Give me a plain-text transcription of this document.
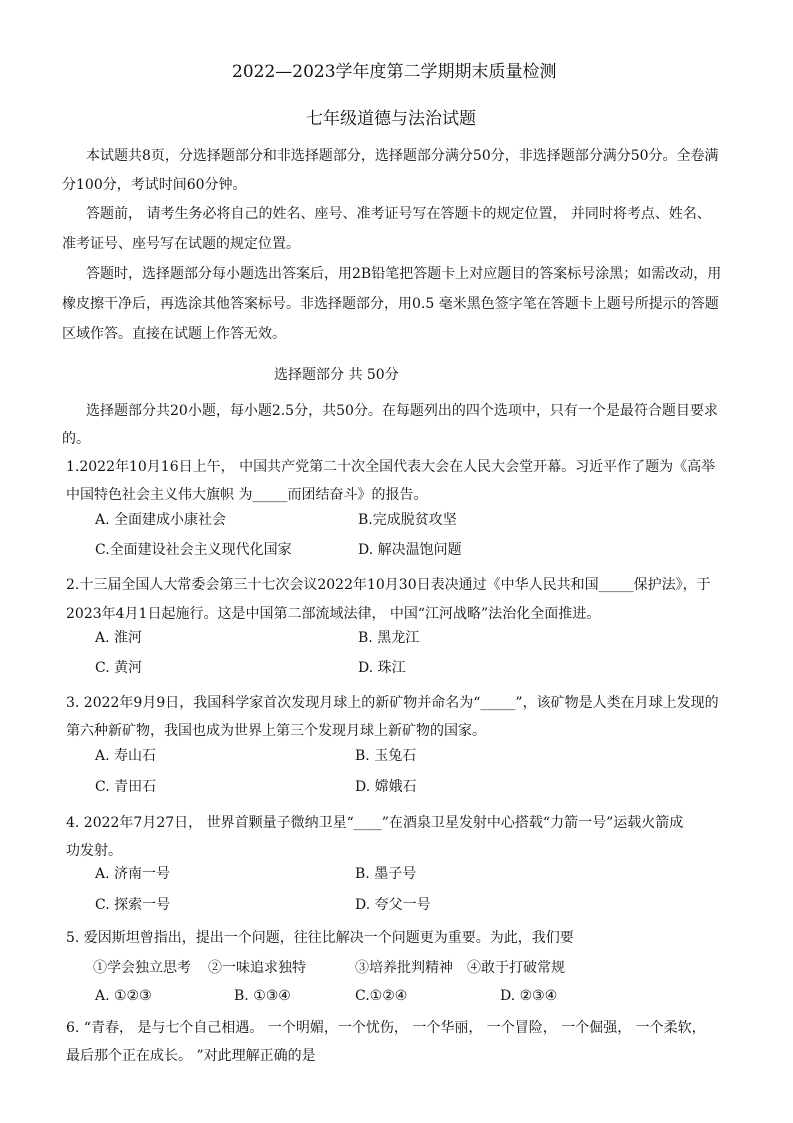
2022—2023学年度第二学期期末质量检测
七年级道德与法治试题
本试题共8页，分选择题部分和非选择题部分，选择题部分满分50分，非选择题部分满分50分。全卷满
分100分，考试时间60分钟。
答题前， 请考生务必将自己的姓名、座号、准考证号写在答题卡的规定位置， 并同时将考点、姓名、
准考证号、座号写在试题的规定位置。
答题时，选择题部分每小题选出答案后，用2B铅笔把答题卡上对应题目的答案标号涂黑；如需改动，用
橡皮擦干净后，再选涂其他答案标号。非选择题部分，用0.5 毫米黑色签字笔在答题卡上题号所提示的答题
区域作答。直接在试题上作答无效。
选择题部分 共 50分
选择题部分共20小题，每小题2.5分，共50分。在每题列出的四个选项中，只有一个是最符合题目要求
的。
1.2022年10月16日上午， 中国共产党第二十次全国代表大会在人民大会堂开幕。习近平作了题为《高举
中国特色社会主义伟大旗帜 为_____而团结奋斗》的报告。
A. 全面建成小康社会	B.完成脱贫攻坚
C.全面建设社会主义现代化国家	D. 解决温饱问题
2.十三届全国人大常委会第三十七次会议2022年10月30日表决通过《中华人民共和国_____保护法》，于
2023年4月1日起施行。这是中国第二部流域法律， 中国“江河战略”法治化全面推进。
A. 淮河	B. 黑龙江
C. 黄河	D. 珠江
3. 2022年9月9日，我国科学家首次发现月球上的新矿物并命名为“_____”，该矿物是人类在月球上发现的
第六种新矿物，我国也成为世界上第三个发现月球上新矿物的国家。
A. 寿山石	B. 玉兔石
C. 青田石	D. 嫦娥石
4. 2022年7月27日， 世界首颗量子微纳卫星“____”在酒泉卫星发射中心搭载“力箭一号”运载火箭成
功发射。
A. 济南一号	B. 墨子号
C. 探索一号	D. 夸父一号
5. 爱因斯坦曾指出，提出一个问题，往往比解决一个问题更为重要。为此，我们要
①学会独立思考 ②一味追求独特	③培养批判精神 ④敢于打破常规
A. ①②③	B. ①③④	C.①②④	D. ②③④
6. “青春， 是与七个自己相遇。 一个明媚，一个忧伤， 一个华丽， 一个冒险， 一个倔强， 一个柔软，
最后那个正在成长。 ”对此理解正确的是
